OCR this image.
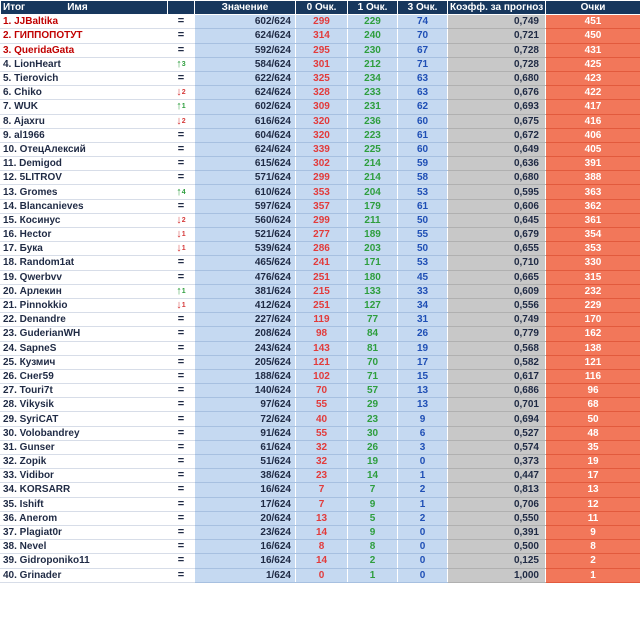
Итог Имя		Значение	0 Очк.	1 Очк.	3 Очк.	Коэфф. за прогноз	Очки
1. JJBaltika	=	602/624	299	229	74	0,749	451
2. ГИППОПОТУТ	=	624/624	314	240	70	0,721	450
3. QueridaGata	=	592/624	295	230	67	0,728	431
4. LionHeart	↑3	584/624	301	212	71	0,728	425
5. Tierovich	=	622/624	325	234	63	0,680	423
6. Chiko	↓2	624/624	328	233	63	0,676	422
7. WUK	↑1	602/624	309	231	62	0,693	417
8. Ajaxru	↓2	616/624	320	236	60	0,675	416
9. al1966	=	604/624	320	223	61	0,672	406
10. ОтецАлексий	=	624/624	339	225	60	0,649	405
11. Demigod	=	615/624	302	214	59	0,636	391
12. 5LITROV	=	571/624	299	214	58	0,680	388
13. Gromes	↑4	610/624	353	204	53	0,595	363
14. Blancanieves	=	597/624	357	179	61	0,606	362
15. Косинус	↓2	560/624	299	211	50	0,645	361
16. Hector	↓1	521/624	277	189	55	0,679	354
17. Бука	↓1	539/624	286	203	50	0,655	353
18. Random1at	=	465/624	241	171	53	0,710	330
19. Qwerbvv	=	476/624	251	180	45	0,665	315
20. Арлекин	↑1	381/624	215	133	33	0,609	232
21. Pinnokkio	↓1	412/624	251	127	34	0,556	229
22. Denandre	=	227/624	119	77	31	0,749	170
23. GuderianWH	=	208/624	98	84	26	0,779	162
24. SapneS	=	243/624	143	81	19	0,568	138
25. Кузмич	=	205/624	121	70	17	0,582	121
26. Снег59	=	188/624	102	71	15	0,617	116
27. Touri7t	=	140/624	70	57	13	0,686	96
28. Vikysik	=	97/624	55	29	13	0,701	68
29. SyriCAT	=	72/624	40	23	9	0,694	50
30. Volobandrey	=	91/624	55	30	6	0,527	48
31. Gunser	=	61/624	32	26	3	0,574	35
32. Zopik	=	51/624	32	19	0	0,373	19
33. Vidibor	=	38/624	23	14	1	0,447	17
34. KORSARR	=	16/624	7	7	2	0,813	13
35. Ishift	=	17/624	7	9	1	0,706	12
36. Anerom	=	20/624	13	5	2	0,550	11
37. Plagiat0r	=	23/624	14	9	0	0,391	9
38. Nevel	=	16/624	8	8	0	0,500	8
39. Gidroponiko11	=	16/624	14	2	0	0,125	2
40. Grinader	=	1/624	0	1	0	1,000	1
